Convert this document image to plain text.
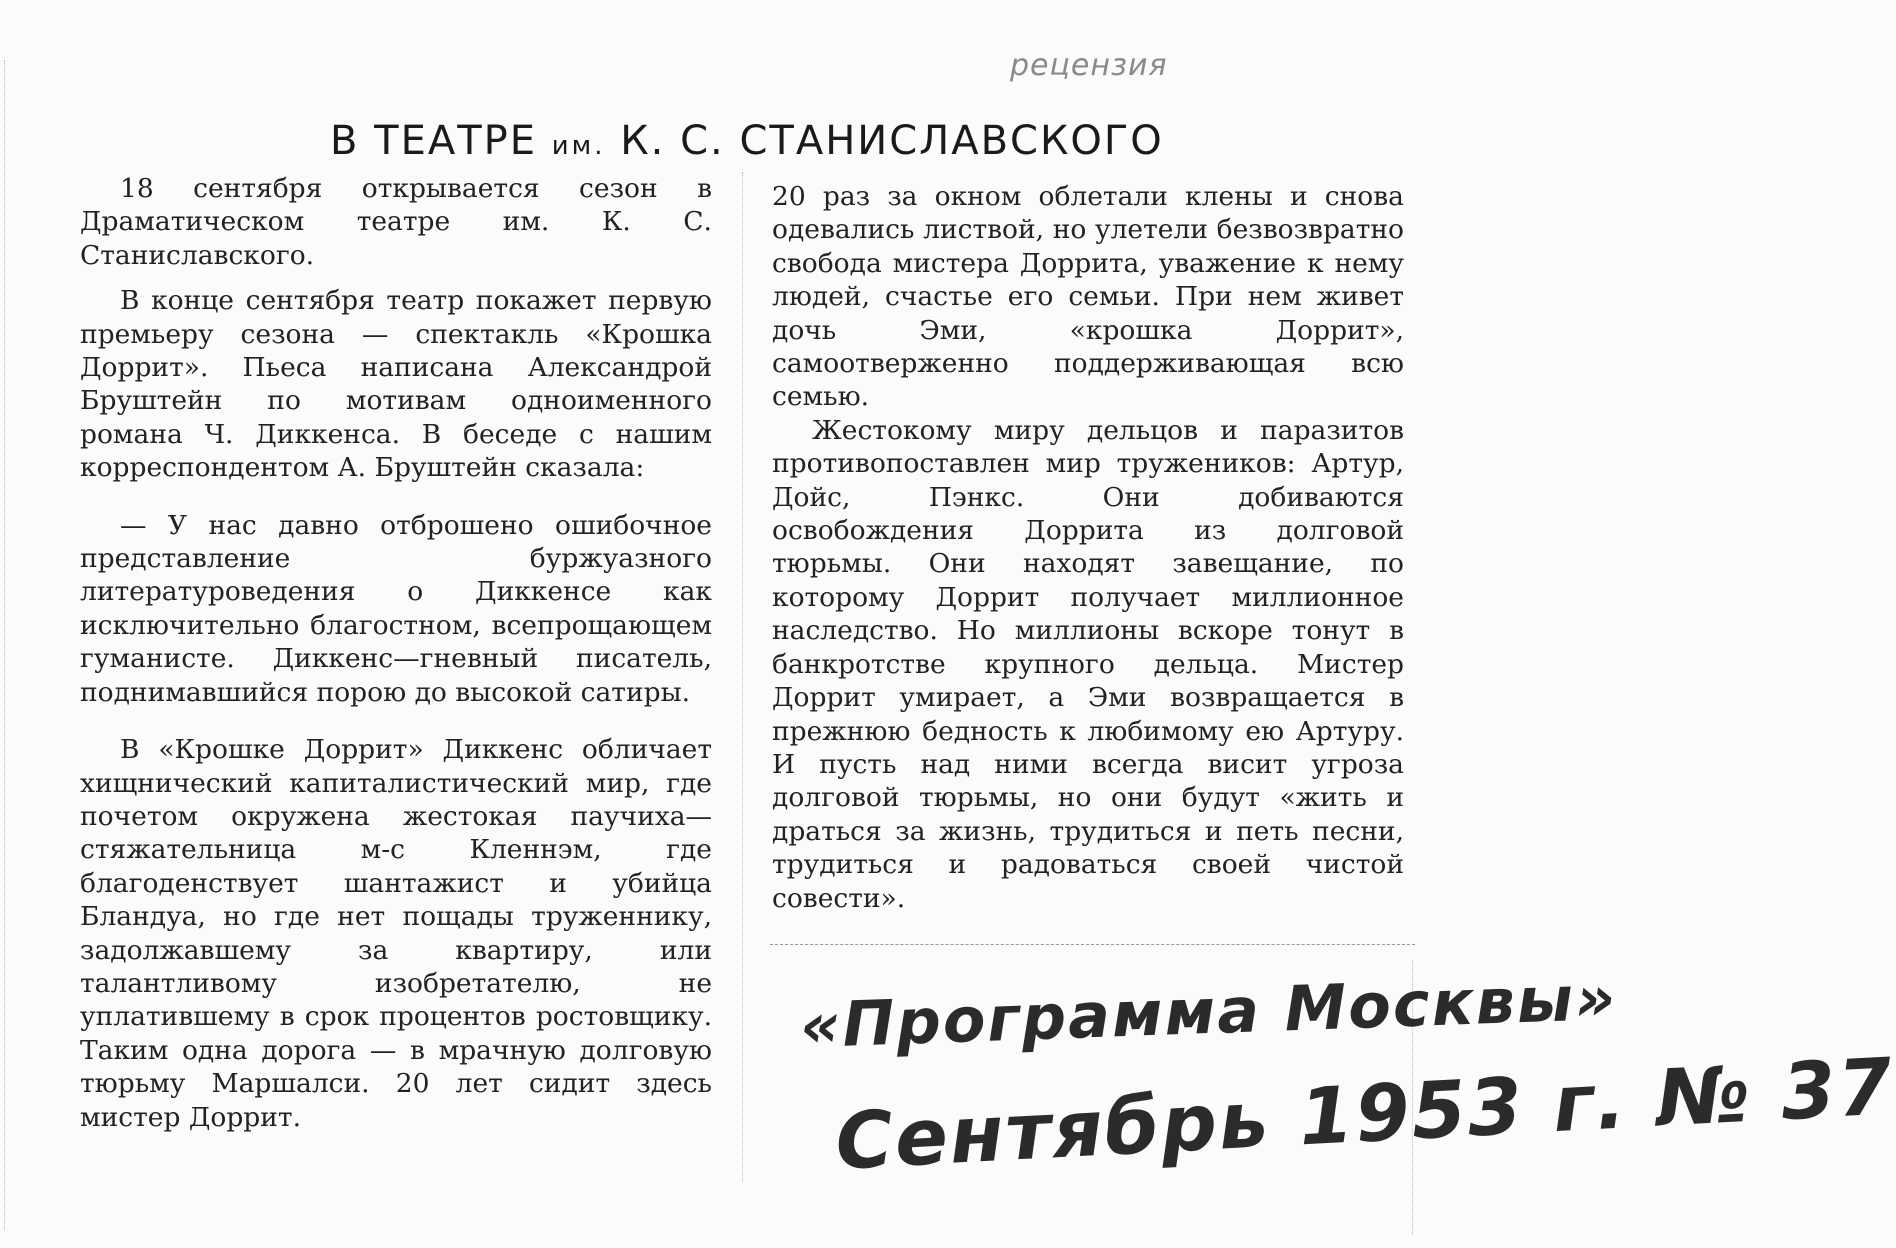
В ТЕАТРЕ им. К. С. СТАНИСЛАВСКОГО

18 сентября открывается сезон в Драматическом театре им. К. С. Станиславского.

В конце сентября театр покажет первую премьеру сезона — спектакль «Крошка Доррит». Пьеса написана Александрой Бруштейн по мотивам одноименного романа Ч. Диккенса. В беседе с нашим корреспондентом А. Бруштейн сказала:

— У нас давно отброшено ошибочное представление буржуазного литературоведения о Диккенсе как исключительно благостном, всепрощающем гуманисте. Диккенс—гневный писатель, поднимавшийся порою до высокой сатиры.

В «Крошке Доррит» Диккенс обличает хищнический капиталистический мир, где почетом окружена жестокая паучиха—стяжательница м-с Кленнэм, где благоденствует шантажист и убийца Бландуа, но где нет пощады труженнику, задолжавшему за квартиру, или талантливому изобретателю, не уплатившему в срок процентов ростовщику. Таким одна дорога — в мрачную долговую тюрьму Маршалси. 20 лет сидит здесь мистер Доррит.

20 раз за окном облетали клены и снова одевались листвой, но улетели безвозвратно свобода мистера Доррита, уважение к нему людей, счастье его семьи. При нем живет дочь Эми, «крошка Доррит», самоотверженно поддерживающая всю семью.

Жестокому миру дельцов и паразитов противопоставлен мир тружеников: Артур, Дойс, Пэнкс. Они добиваются освобождения Доррита из долговой тюрьмы. Они находят завещание, по которому Доррит получает миллионное наследство. Но миллионы вскоре тонут в банкротстве крупного дельца. Мистер Доррит умирает, а Эми возвращается в прежнюю бедность к любимому ею Артуру. И пусть над ними всегда висит угроза долговой тюрьмы, но они будут «жить и драться за жизнь, трудиться и петь песни, трудиться и радоваться своей чистой совести».

рецензия
«Программа Москвы»
Сентябрь 1953 г. № 37
